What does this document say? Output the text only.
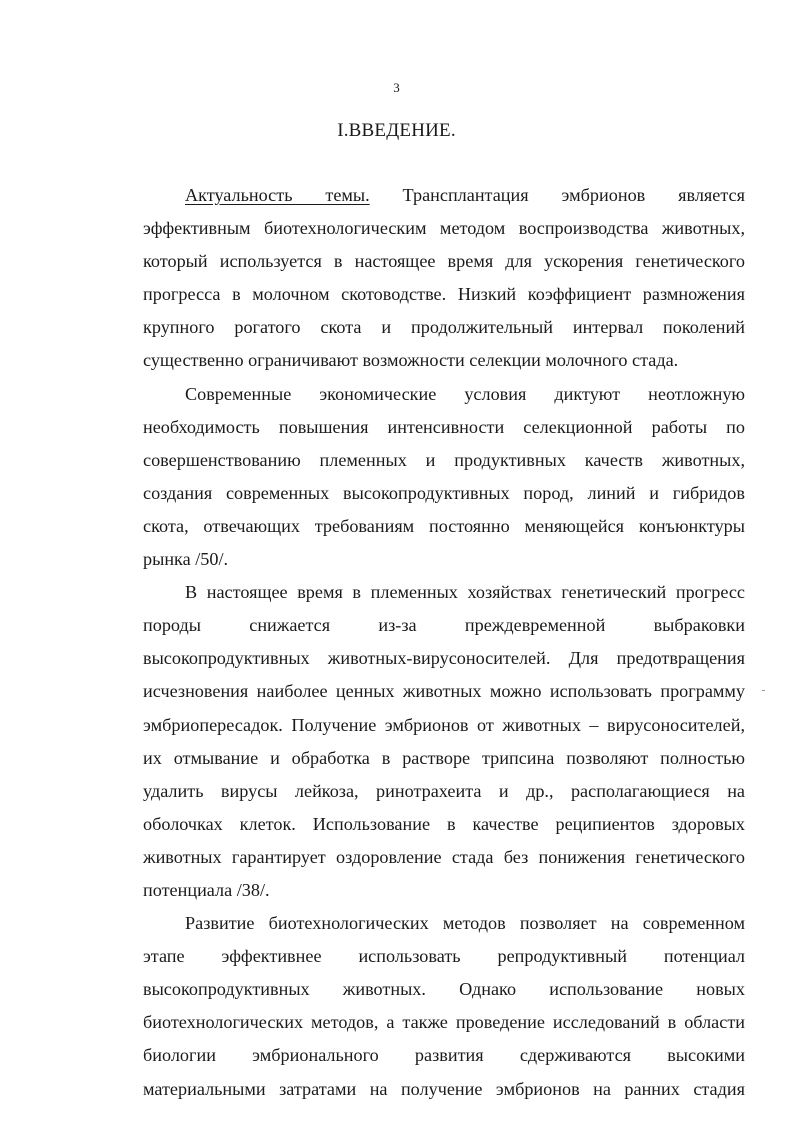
3
I.ВВЕДЕНИЕ.
Актуальность темы. Трансплантация эмбрионов является
эффективным биотехнологическим методом воспроизводства животных,
который используется в настоящее время для ускорения генетического
прогресса в молочном скотоводстве. Низкий коэффициент размножения
крупного рогатого скота и продолжительный интервал поколений
существенно ограничивают возможности селекции молочного стада.
Современные экономические условия диктуют неотложную
необходимость повышения интенсивности селекционной работы по
совершенствованию племенных и продуктивных качеств животных,
создания современных высокопродуктивных пород, линий и гибридов
скота, отвечающих требованиям постоянно меняющейся конъюнктуры
рынка /50/.
В настоящее время в племенных хозяйствах генетический прогресс
породы снижается из-за преждевременной выбраковки
высокопродуктивных животных-вирусоносителей. Для предотвращения
исчезновения наиболее ценных животных можно использовать программу
эмбриопересадок. Получение эмбрионов от животных – вирусоносителей,
их отмывание и обработка в растворе трипсина позволяют полностью
удалить вирусы лейкоза, ринотрахеита и др., располагающиеся на
оболочках клеток. Использование в качестве реципиентов здоровых
животных гарантирует оздоровление стада без понижения генетического
потенциала /38/.
Развитие биотехнологических методов позволяет на современном
этапе эффективнее использовать репродуктивный потенциал
высокопродуктивных животных. Однако использование новых
биотехнологических методов, а также проведение исследований в области
биологии эмбрионального развития сдерживаются высокими
материальными затратами на получение эмбрионов на ранних стадия
